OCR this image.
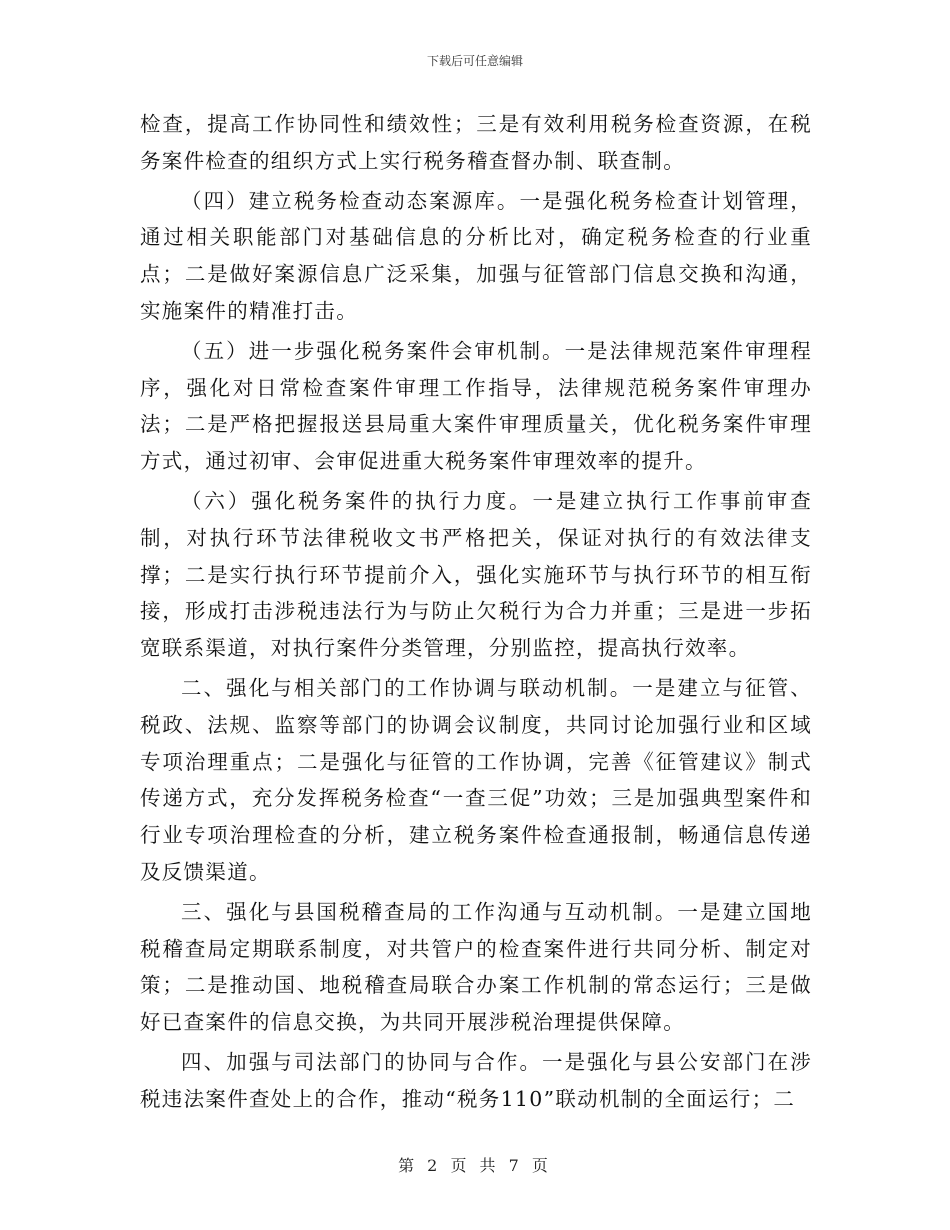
下载后可任意编辑

检查，提高工作协同性和绩效性；三是有效利用税务检查资源，在税务案件检查的组织方式上实行税务稽查督办制、联查制。

（四）建立税务检查动态案源库。一是强化税务检查计划管理，通过相关职能部门对基础信息的分析比对，确定税务检查的行业重点；二是做好案源信息广泛采集，加强与征管部门信息交换和沟通，实施案件的精准打击。

（五）进一步强化税务案件会审机制。一是法律规范案件审理程序，强化对日常检查案件审理工作指导，法律规范税务案件审理办法；二是严格把握报送县局重大案件审理质量关，优化税务案件审理方式，通过初审、会审促进重大税务案件审理效率的提升。

（六）强化税务案件的执行力度。一是建立执行工作事前审查制，对执行环节法律税收文书严格把关，保证对执行的有效法律支撑；二是实行执行环节提前介入，强化实施环节与执行环节的相互衔接，形成打击涉税违法行为与防止欠税行为合力并重；三是进一步拓宽联系渠道，对执行案件分类管理，分别监控，提高执行效率。

二、强化与相关部门的工作协调与联动机制。一是建立与征管、税政、法规、监察等部门的协调会议制度，共同讨论加强行业和区域专项治理重点；二是强化与征管的工作协调，完善《征管建议》制式传递方式，充分发挥税务检查“一查三促”功效；三是加强典型案件和行业专项治理检查的分析，建立税务案件检查通报制，畅通信息传递及反馈渠道。

三、强化与县国税稽查局的工作沟通与互动机制。一是建立国地税稽查局定期联系制度，对共管户的检查案件进行共同分析、制定对策；二是推动国、地税稽查局联合办案工作机制的常态运行；三是做好已查案件的信息交换，为共同开展涉税治理提供保障。

四、加强与司法部门的协同与合作。一是强化与县公安部门在涉税违法案件查处上的合作，推动“税务110”联动机制的全面运行；二

第 2 页 共 7 页
